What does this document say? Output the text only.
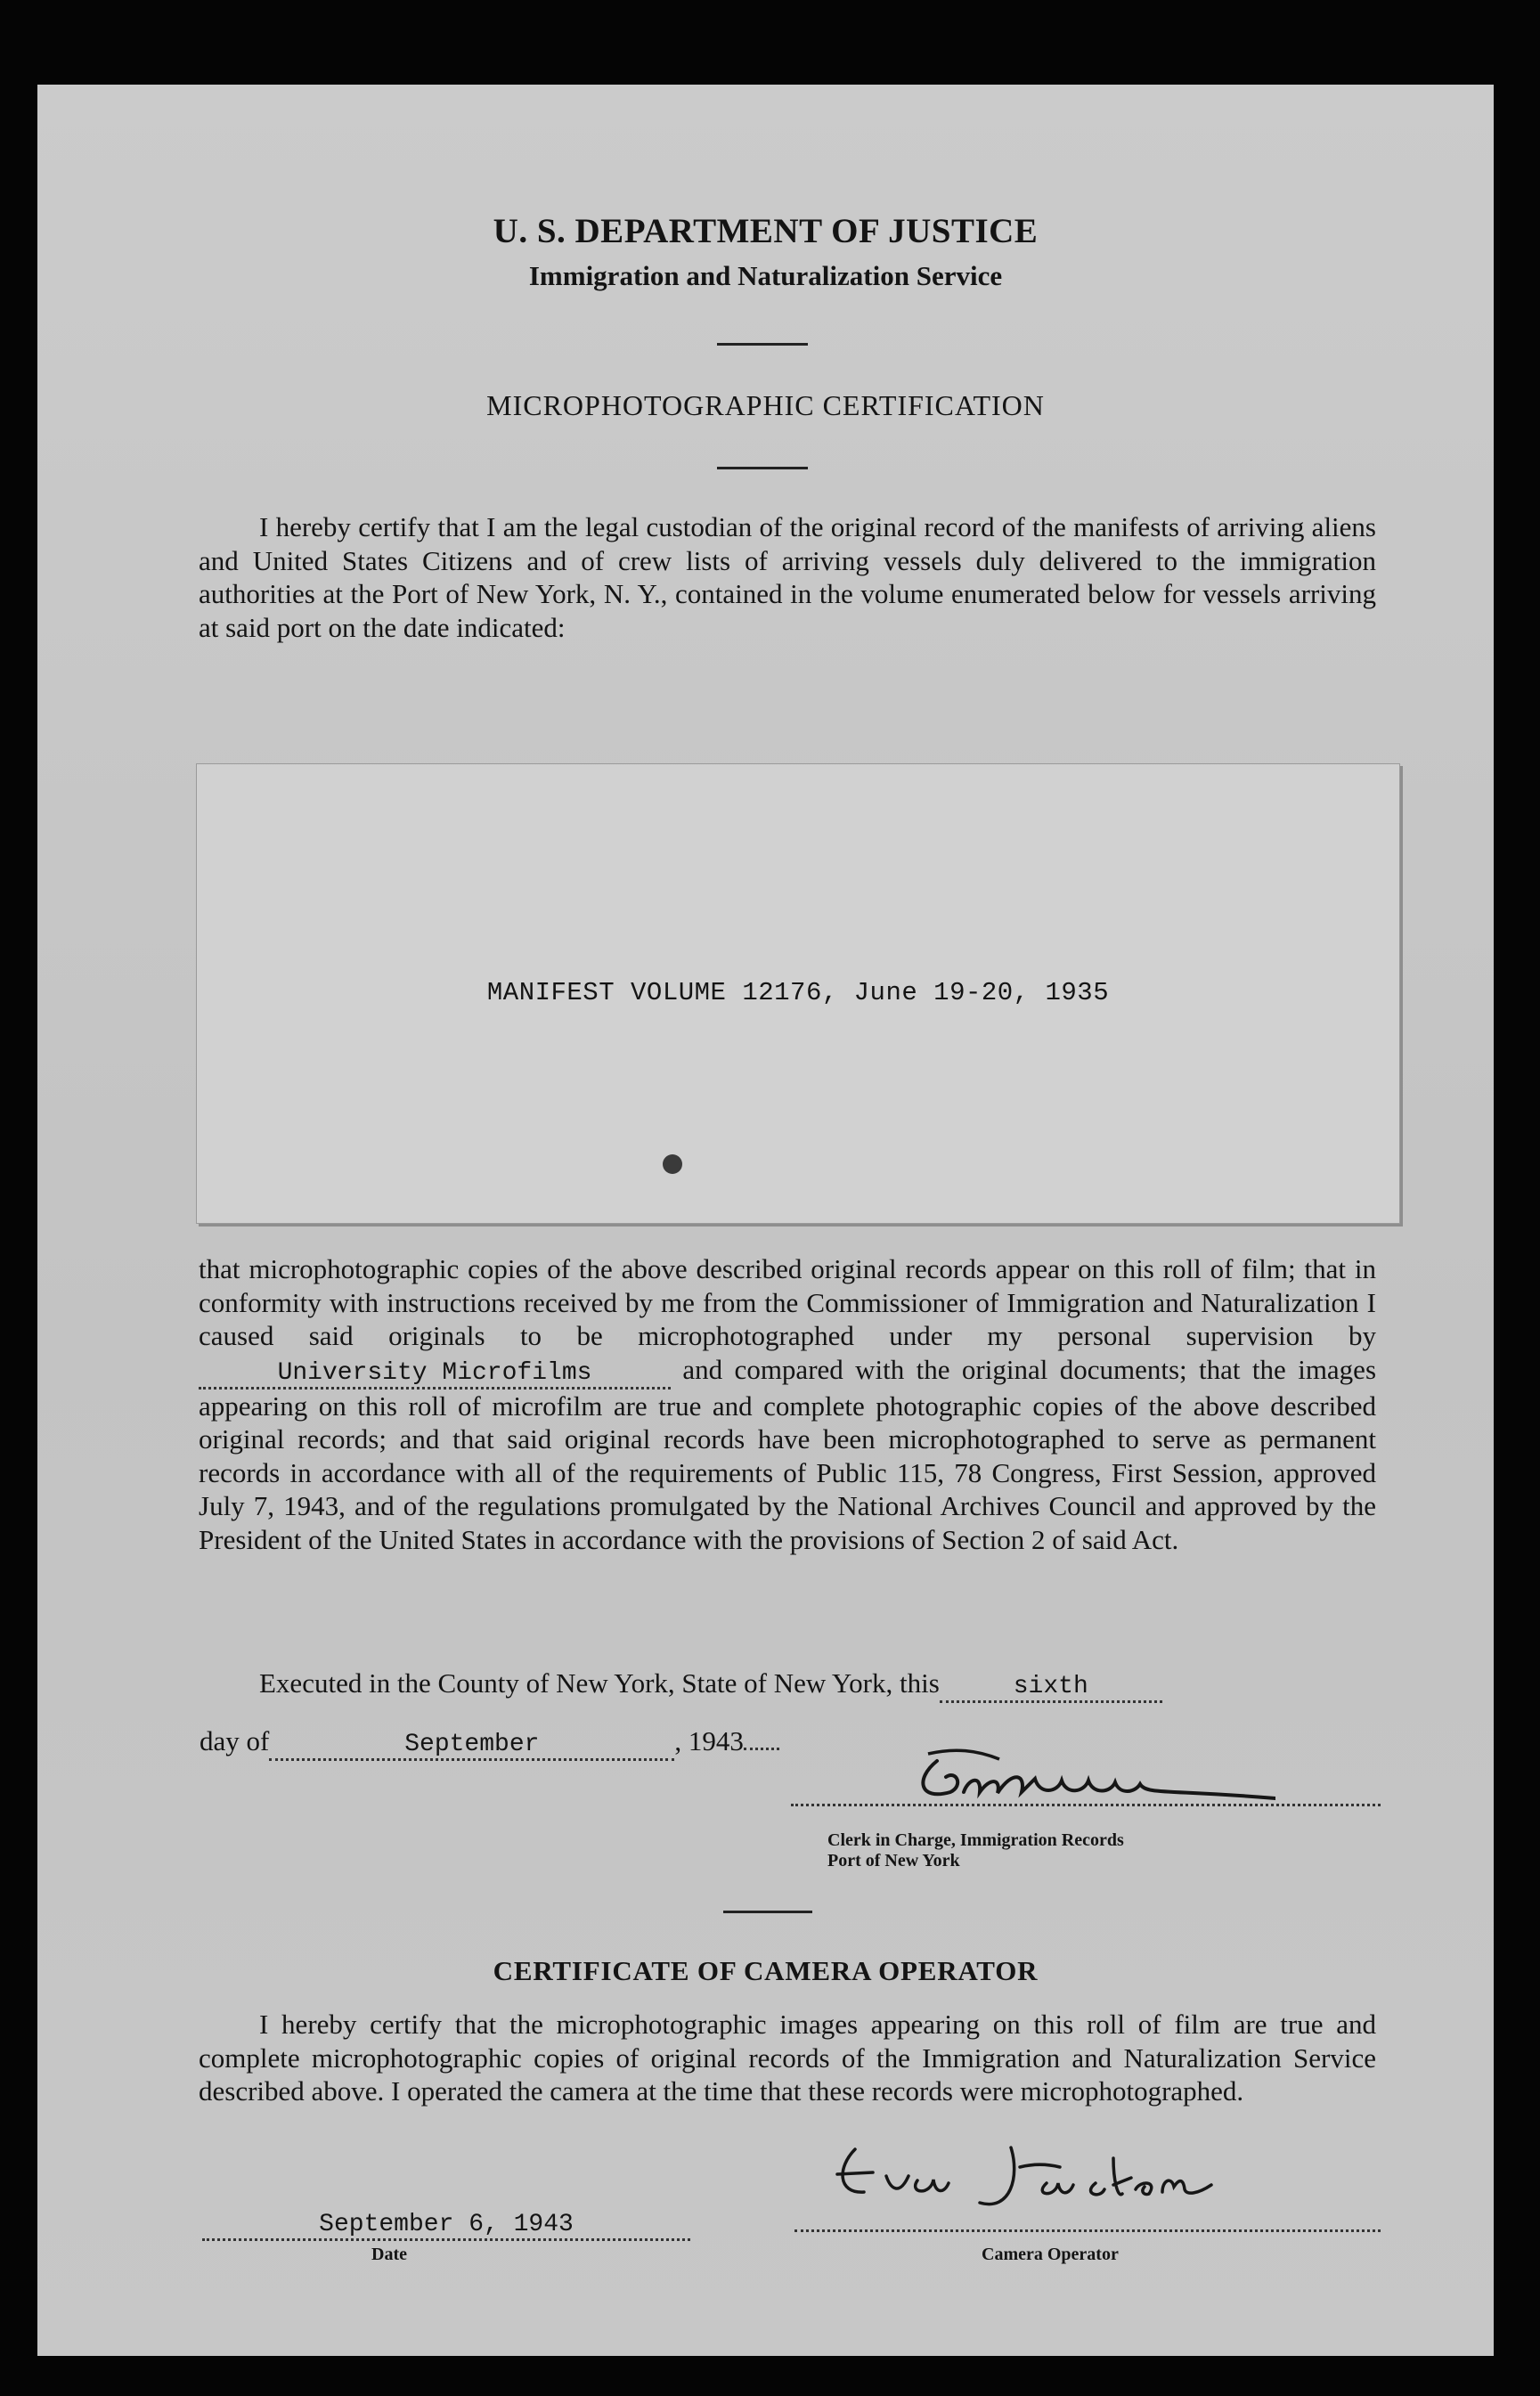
U. S. DEPARTMENT OF JUSTICE
Immigration and Naturalization Service
MICROPHOTOGRAPHIC CERTIFICATION
I hereby certify that I am the legal custodian of the original record of the manifests of arriving aliens and United States Citizens and of crew lists of arriving vessels duly delivered to the immigration authorities at the Port of New York, N. Y., contained in the volume enumerated below for vessels arriving at said port on the date indicated:
MANIFEST VOLUME 12176, June 19-20, 1935
that microphotographic copies of the above described original records appear on this roll of film; that in conformity with instructions received by me from the Commissioner of Immigration and Naturalization I caused said originals to be microphotographed under my personal supervision by University Microfilms	and compared with the original documents; that the images appearing on this roll of microfilm are true and complete photographic copies of the above described original records; and that said original records have been microphotographed to serve as permanent records in accordance with all of the requirements of Public 115, 78 Congress, First Session, approved July 7, 1943, and of the regulations promulgated by the National Archives Council and approved by the President of the United States in accordance with the provisions of Section 2 of said Act.
Executed in the County of New York, State of New York, this	sixth
day of	September	, 1943
Clerk in Charge, Immigration Records
Port of New York
CERTIFICATE OF CAMERA OPERATOR
I hereby certify that the microphotographic images appearing on this roll of film are true and complete microphotographic copies of original records of the Immigration and Naturalization Service described above. I operated the camera at the time that these records were microphotographed.
September 6, 1943
Date	Camera Operator
